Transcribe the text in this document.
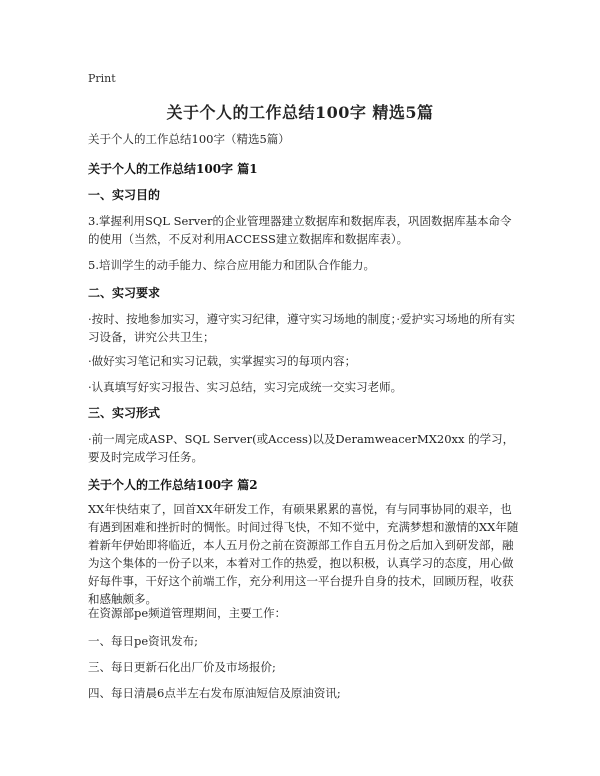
Print
关于个人的工作总结100字 精选5篇
关于个人的工作总结100字（精选5篇）
关于个人的工作总结100字 篇1
一、实习目的
3.掌握利用SQL Server的企业管理器建立数据库和数据库表，巩固数据库基本命令的使用（当然，不反对利用ACCESS建立数据库和数据库表）。
5.培训学生的动手能力、综合应用能力和团队合作能力。
二、实习要求
·按时、按地参加实习，遵守实习纪律，遵守实习场地的制度；·爱护实习场地的所有实习设备，讲究公共卫生；
·做好实习笔记和实习记载，实掌握实习的每项内容；
·认真填写好实习报告、实习总结，实习完成统一交实习老师。
三、实习形式
·前一周完成ASP、SQL Server(或Access)以及DeramweacerMX20xx 的学习，要及时完成学习任务。
关于个人的工作总结100字 篇2
XX年快结束了，回首XX年研发工作，有硕果累累的喜悦，有与同事协同的艰辛，也有遇到困难和挫折时的惆怅。时间过得飞快，不知不觉中，充满梦想和激情的XX年随着新年伊始即将临近，本人五月份之前在资源部工作自五月份之后加入到研发部，融为这个集体的一份子以来，本着对工作的热爱，抱以积极，认真学习的态度，用心做好每件事，干好这个前端工作，充分利用这一平台提升自身的技术，回顾历程，收获和感触颇多。
在资源部pe频道管理期间，主要工作：
一、每日pe资讯发布;
三、每日更新石化出厂价及市场报价;
四、每日清晨6点半左右发布原油短信及原油资讯;
